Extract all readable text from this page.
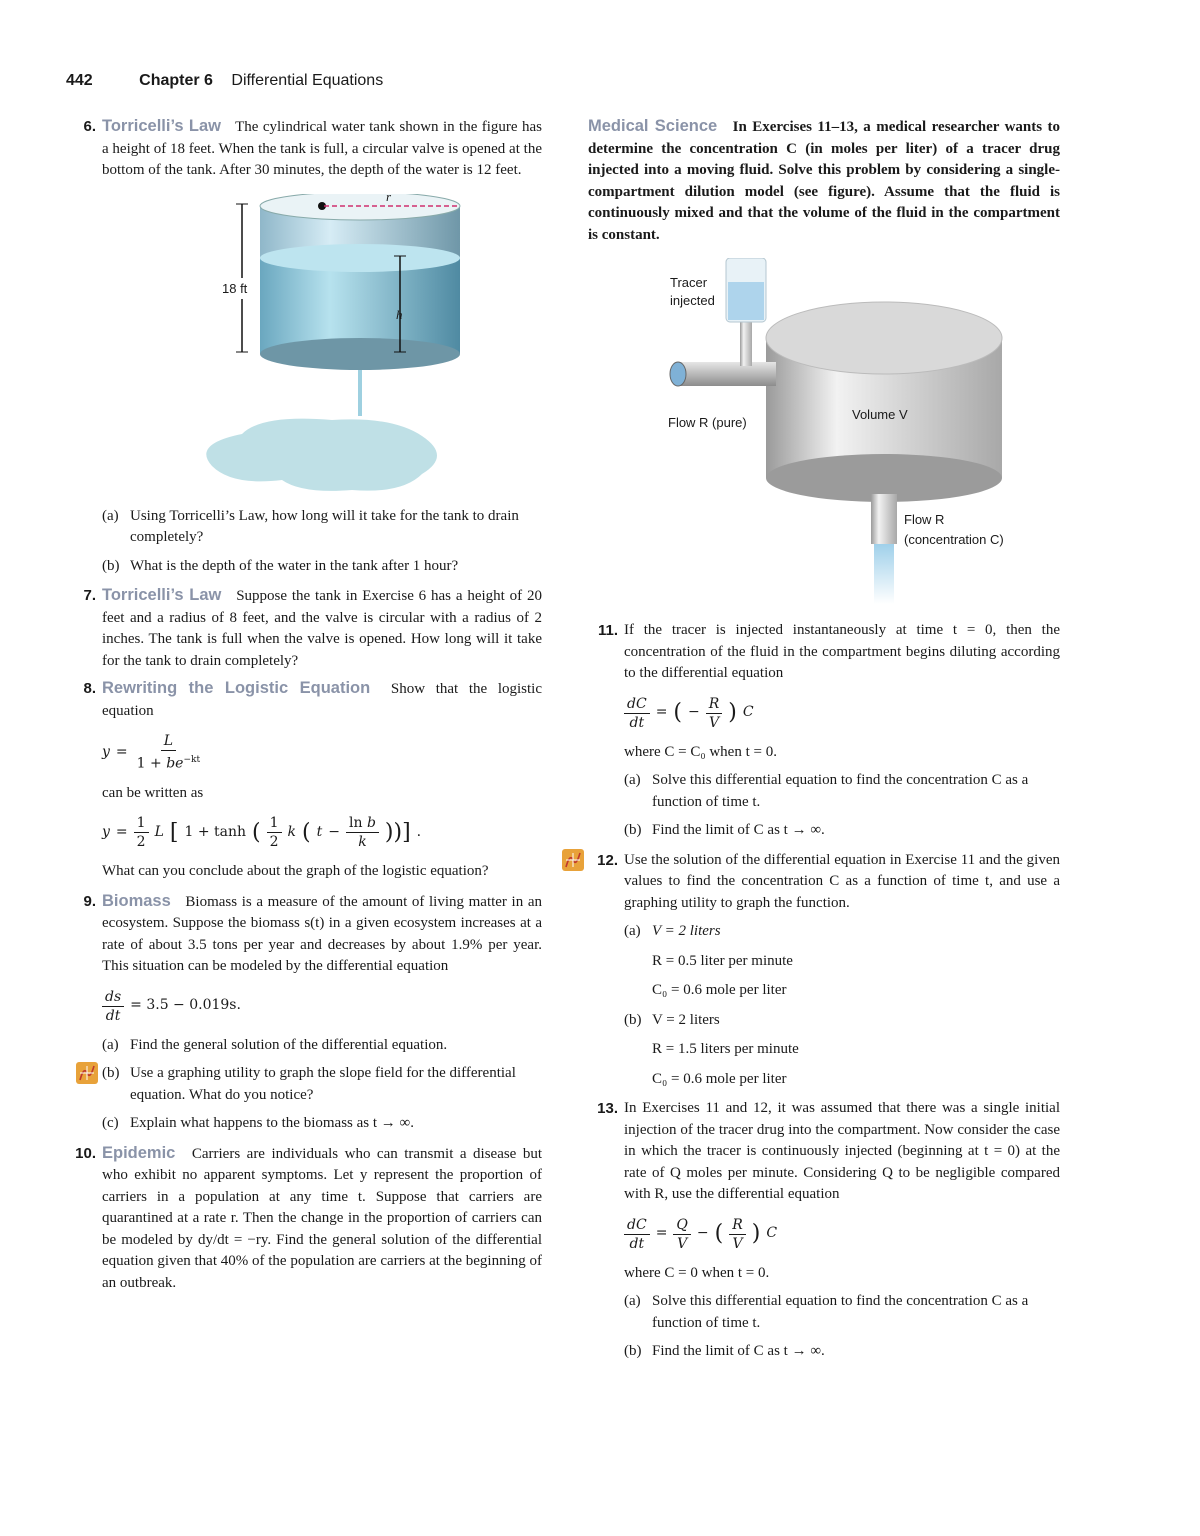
442	Chapter 6 Differential Equations
6. Torricelli’s Law The cylindrical water tank shown in the figure has a height of 18 feet. When the tank is full, a circular valve is opened at the bottom of the tank. After 30 minutes, the depth of the water is 12 feet.
18 ft
r
h
(a) Using Torricelli’s Law, how long will it take for the tank to drain completely?
(b) What is the depth of the water in the tank after 1 hour?
7. Torricelli’s Law Suppose the tank in Exercise 6 has a height of 20 feet and a radius of 8 feet, and the valve is circular with a radius of 2 inches. The tank is full when the valve is opened. How long will it take for the tank to drain completely?
8. Rewriting the Logistic Equation Show that the logistic equation
$y = \frac{L}{1 + be^{-kt}}$
can be written as
$y = \frac{1}{2}$ L [ 1 + tanh ( $\frac{1}{2}$ k ( $t - \frac{\text{ln b}}{k}$ ))] .
What can you conclude about the graph of the logistic equation?
9. Biomass Biomass is a measure of the amount of living matter in an ecosystem. Suppose the biomass s(t) in a given ecosystem increases at a rate of about 3.5 tons per year and decreases by about 1.9% per year. This situation can be modeled by the differential equation
$\frac{ds}{dt} = 3.5 - 0.019s$.
(a) Find the general solution of the differential equation.
(b) Use a graphing utility to graph the slope field for the differential equation. What do you notice?
(c) Explain what happens to the biomass as t → ∞.
10. Epidemic Carriers are individuals who can transmit a disease but who exhibit no apparent symptoms. Let y represent the proportion of carriers in a population at any time t. Suppose that carriers are quarantined at a rate r. Then the change in the proportion of carriers can be modeled by dy/dt = −ry. Find the general solution of the differential equation given that 40% of the population are carriers at the beginning of an outbreak.
Medical Science In Exercises 11–13, a medical researcher wants to determine the concentration C (in moles per liter) of a tracer drug injected into a moving fluid. Solve this problem by considering a single-compartment dilution model (see figure). Assume that the fluid is continuously mixed and that the volume of the fluid in the compartment is constant.
Tracer
injected
Flow R (pure)
Volume V
Flow R
(concentration C)
11. If the tracer is injected instantaneously at time t = 0, then the concentration of the fluid in the compartment begins diluting according to the differential equation
$\frac{dC}{dt}$ = ( − $\frac{R}{V}$ ) C
where C = C₀ when t = 0.
(a) Solve this differential equation to find the concentration C as a function of time t.
(b) Find the limit of C as t → ∞.
12. Use the solution of the differential equation in Exercise 11 and the given values to find the concentration C as a function of time t, and use a graphing utility to graph the function.
(a) V = 2 liters
R = 0.5 liter per minute
C₀ = 0.6 mole per liter
(b) V = 2 liters
R = 1.5 liters per minute
C₀ = 0.6 mole per liter
13. In Exercises 11 and 12, it was assumed that there was a single initial injection of the tracer drug into the compartment. Now consider the case in which the tracer is continuously injected (beginning at t = 0) at the rate of Q moles per minute. Considering Q to be negligible compared with R, use the differential equation
$\frac{dC}{dt} = \frac{Q}{V}$ − ( $\frac{R}{V}$ ) C
where C = 0 when t = 0.
(a) Solve this differential equation to find the concentration C as a function of time t.
(b) Find the limit of C as t → ∞.
